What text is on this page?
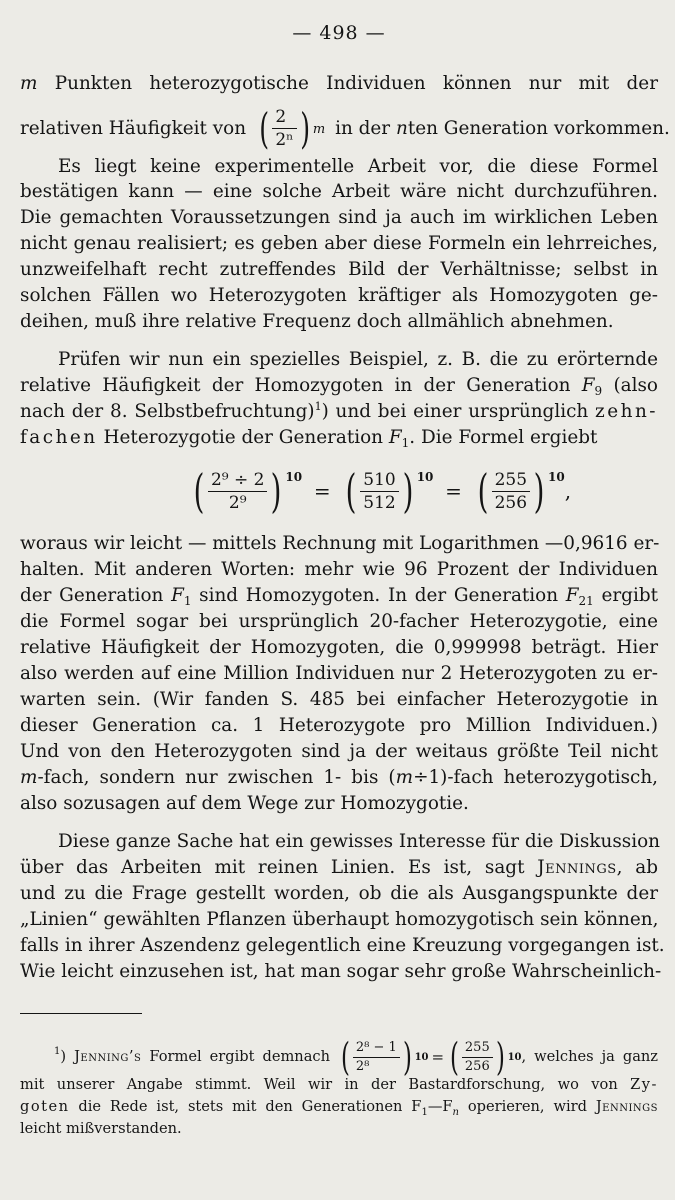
— 498 —
m Punkten heterozygotische Individuen können nur mit der
relativen Häufigkeit von ( $\frac{2}{\text{2ⁿ}}$ ) m in der nten Generation vorkommen.
Es liegt keine experimentelle Arbeit vor, die diese Formel
bestätigen kann — eine solche Arbeit wäre nicht durchzuführen.
Die gemachten Voraussetzungen sind ja auch im wirklichen Leben
nicht genau realisiert; es geben aber diese Formeln ein lehrreiches,
unzweifelhaft recht zutreffendes Bild der Verhältnisse; selbst in
solchen Fällen wo Heterozygoten kräftiger als Homozygoten ge-
deihen, muß ihre relative Frequenz doch allmählich abnehmen.
Prüfen wir nun ein spezielles Beispiel, z. B. die zu erörternde
relative Häufigkeit der Homozygoten in der Generation $F_9$ (also
nach der 8. Selbstbefruchtung)$^1$) und bei einer ursprünglich zehn-
fachen Heterozygotie der Generation $F_1$. Die Formel ergiebt
( $\frac{\text{2⁹ ÷ 2}}{\text{2⁹}}$ ) 10 = ( $\frac{510}{512}$ ) 10 = ( $\frac{255}{256}$ ) 10,
woraus wir leicht — mittels Rechnung mit Logarithmen —0,9616 er-
halten. Mit anderen Worten: mehr wie 96 Prozent der Individuen
der Generation $F_1$ sind Homozygoten. In der Generation $F_{21}$ ergibt
die Formel sogar bei ursprünglich 20-facher Heterozygotie, eine
relative Häufigkeit der Homozygoten, die 0,999998 beträgt. Hier
also werden auf eine Million Individuen nur 2 Heterozygoten zu er-
warten sein. (Wir fanden S. 485 bei einfacher Heterozygotie in
dieser Generation ca. 1 Heterozygote pro Million Individuen.)
Und von den Heterozygoten sind ja der weitaus größte Teil nicht
m-fach, sondern nur zwischen 1- bis (m÷1)-fach heterozygotisch,
also sozusagen auf dem Wege zur Homozygotie.
Diese ganze Sache hat ein gewisses Interesse für die Diskussion
über das Arbeiten mit reinen Linien. Es ist, sagt Jennings, ab
und zu die Frage gestellt worden, ob die als Ausgangspunkte der
„Linien“ gewählten Pflanzen überhaupt homozygotisch sein können,
falls in ihrer Aszendenz gelegentlich eine Kreuzung vorgegangen ist.
Wie leicht einzusehen ist, hat man sogar sehr große Wahrscheinlich-
$^1$) Jenning’s Formel ergibt demnach ( $\frac{\text{2⁸ − 1}}{\text{2⁸}}$ ) 10 = ( $\frac{255}{256}$ ) 10, welches ja ganz
mit unserer Angabe stimmt. Weil wir in der Bastardforschung, wo von Zy-
goten die Rede ist, stets mit den Generationen $F_1—F_n$ operieren, wird Jennings
leicht mißverstanden.
